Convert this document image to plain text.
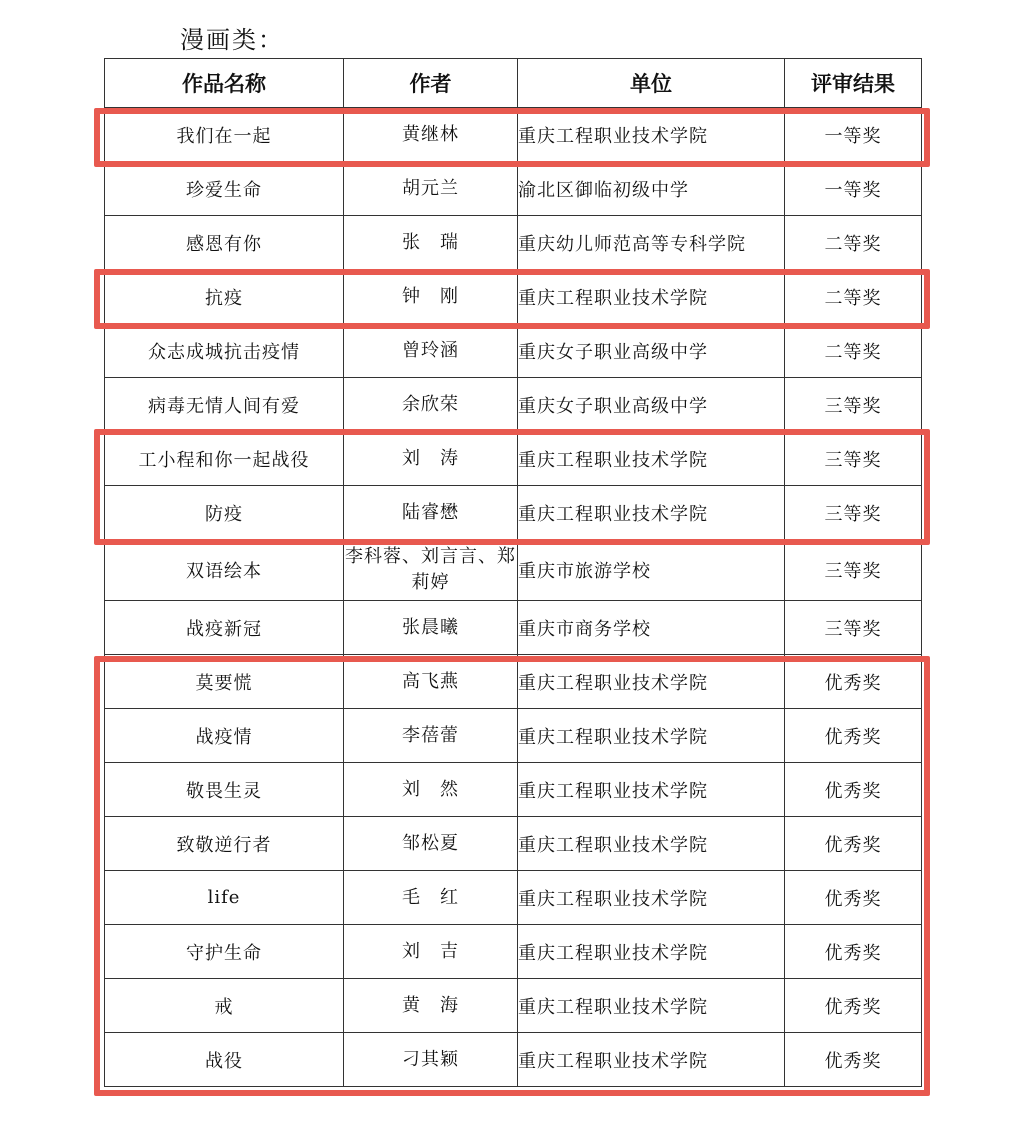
漫画类：
作品名称	作者	单位	评审结果
我们在一起	黄继林	重庆工程职业技术学院	一等奖
珍爱生命	胡元兰	渝北区御临初级中学	一等奖
感恩有你	张　瑞	重庆幼儿师范高等专科学院	二等奖
抗疫	钟　刚	重庆工程职业技术学院	二等奖
众志成城抗击疫情	曾玲涵	重庆女子职业高级中学	二等奖
病毒无情人间有爱	余欣荣	重庆女子职业高级中学	三等奖
工小程和你一起战役	刘　涛	重庆工程职业技术学院	三等奖
防疫	陆睿懋	重庆工程职业技术学院	三等奖
双语绘本	李科蓉、刘言言、郑莉婷	重庆市旅游学校	三等奖
战疫新冠	张晨曦	重庆市商务学校	三等奖
莫要慌	高飞燕	重庆工程职业技术学院	优秀奖
战疫情	李蓓蕾	重庆工程职业技术学院	优秀奖
敬畏生灵	刘　然	重庆工程职业技术学院	优秀奖
致敬逆行者	邹松夏	重庆工程职业技术学院	优秀奖
life	毛　红	重庆工程职业技术学院	优秀奖
守护生命	刘　吉	重庆工程职业技术学院	优秀奖
戒	黄　海	重庆工程职业技术学院	优秀奖
战役	刁其颖	重庆工程职业技术学院	优秀奖
